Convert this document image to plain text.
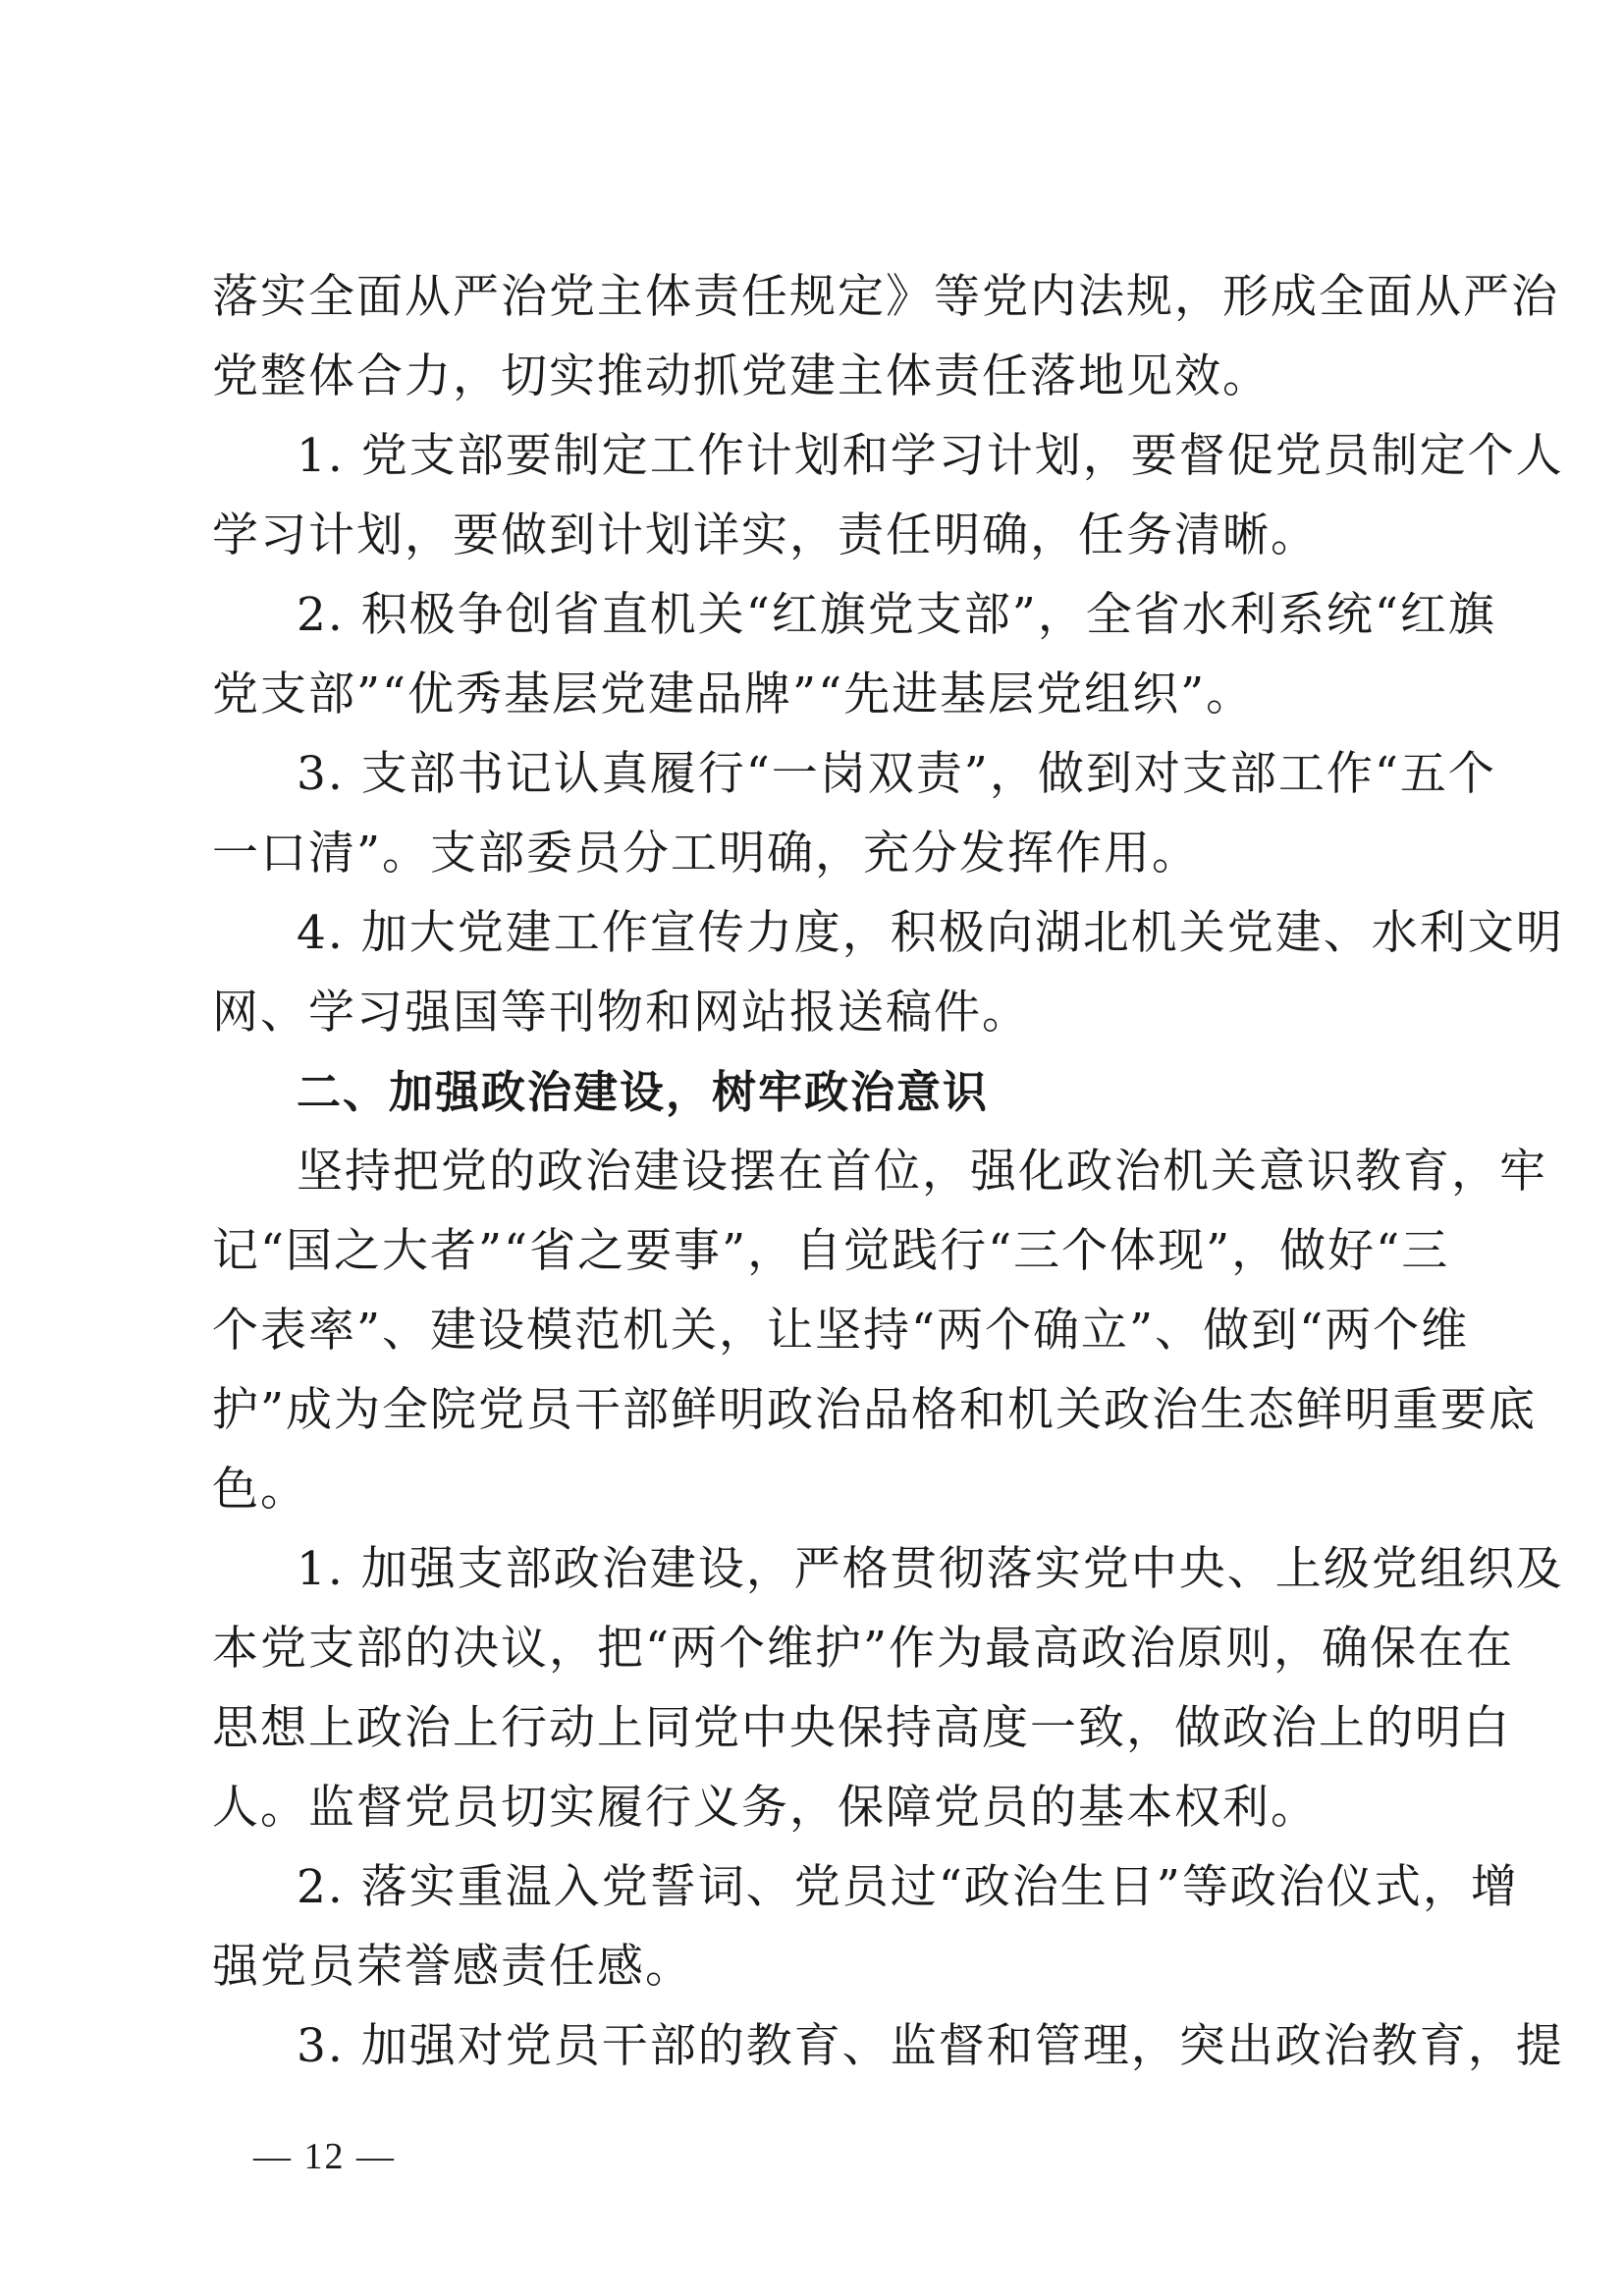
落实全面从严治党主体责任规定》等党内法规，形成全面从严治
党整体合力，切实推动抓党建主体责任落地见效。
1. 党支部要制定工作计划和学习计划，要督促党员制定个人
学习计划，要做到计划详实，责任明确，任务清晰。
2. 积极争创省直机关“红旗党支部”，全省水利系统“红旗
党支部”“优秀基层党建品牌”“先进基层党组织”。
3. 支部书记认真履行“一岗双责”，做到对支部工作“五个
一口清”。支部委员分工明确，充分发挥作用。
4. 加大党建工作宣传力度，积极向湖北机关党建、水利文明
网、学习强国等刊物和网站报送稿件。
二、加强政治建设，树牢政治意识
坚持把党的政治建设摆在首位，强化政治机关意识教育，牢
记“国之大者”“省之要事”，自觉践行“三个体现”，做好“三
个表率”、建设模范机关，让坚持“两个确立”、做到“两个维
护”成为全院党员干部鲜明政治品格和机关政治生态鲜明重要底
色。
1. 加强支部政治建设，严格贯彻落实党中央、上级党组织及
本党支部的决议，把“两个维护”作为最高政治原则，确保在在
思想上政治上行动上同党中央保持高度一致，做政治上的明白
人。监督党员切实履行义务，保障党员的基本权利。
2. 落实重温入党誓词、党员过“政治生日”等政治仪式，增
强党员荣誉感责任感。
3. 加强对党员干部的教育、监督和管理，突出政治教育，提
— 12 —
